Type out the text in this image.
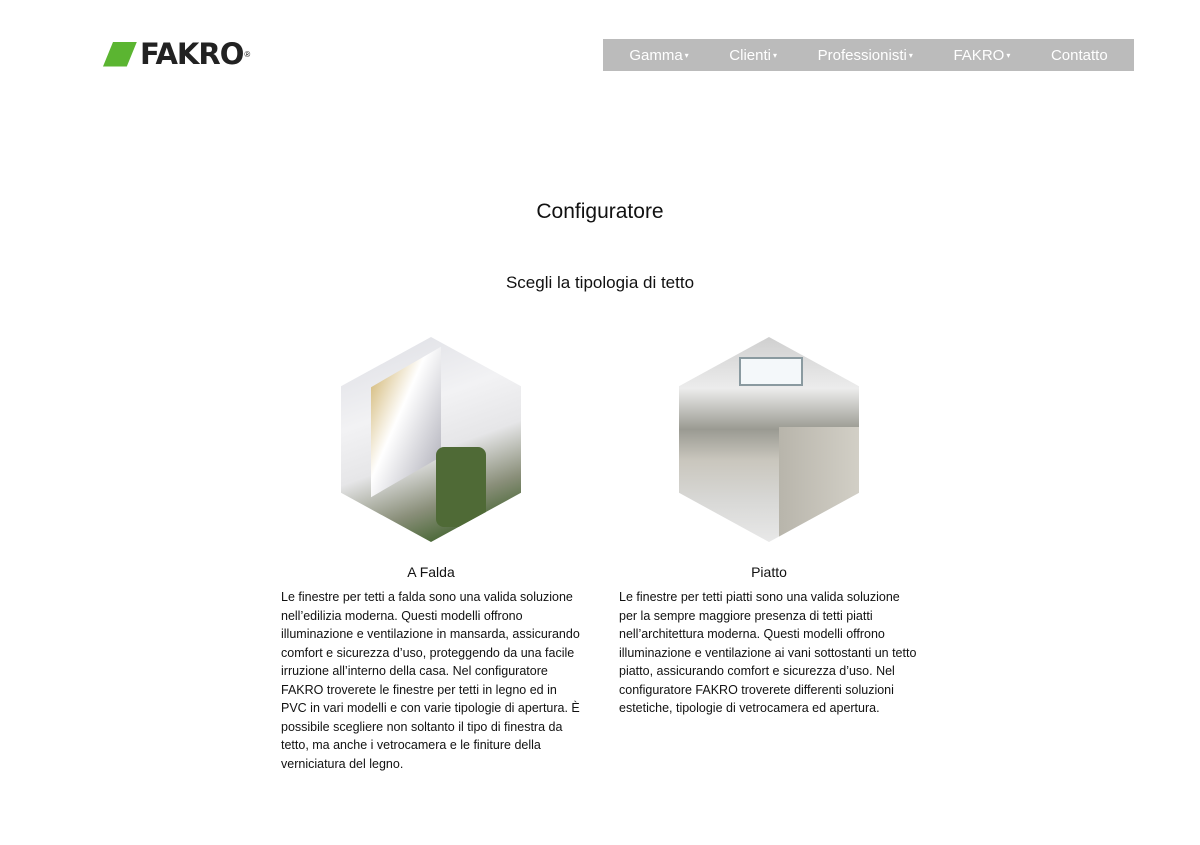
FAKRO ®	Gamma ▾	Clienti ▾	Professionisti ▾	FAKRO ▾	Contatto
Configuratore
Scegli la tipologia di tetto
A Falda

Le finestre per tetti a falda sono una valida soluzione nell’edilizia moderna. Questi modelli offrono illuminazione e ventilazione in mansarda, assicurando comfort e sicurezza d’uso, proteggendo da una facile irruzione all’interno della casa. Nel configuratore FAKRO troverete le finestre per tetti in legno ed in PVC in vari modelli e con varie tipologie di apertura. È possibile scegliere non soltanto il tipo di finestra da tetto, ma anche i vetrocamera e le finiture della verniciatura del legno.

Piatto

Le finestre per tetti piatti sono una valida soluzione per la sempre maggiore presenza di tetti piatti nell’architettura moderna. Questi modelli offrono illuminazione e ventilazione ai vani sottostanti un tetto piatto, assicurando comfort e sicurezza d’uso. Nel configuratore FAKRO troverete differenti soluzioni estetiche, tipologie di vetrocamera ed apertura.
